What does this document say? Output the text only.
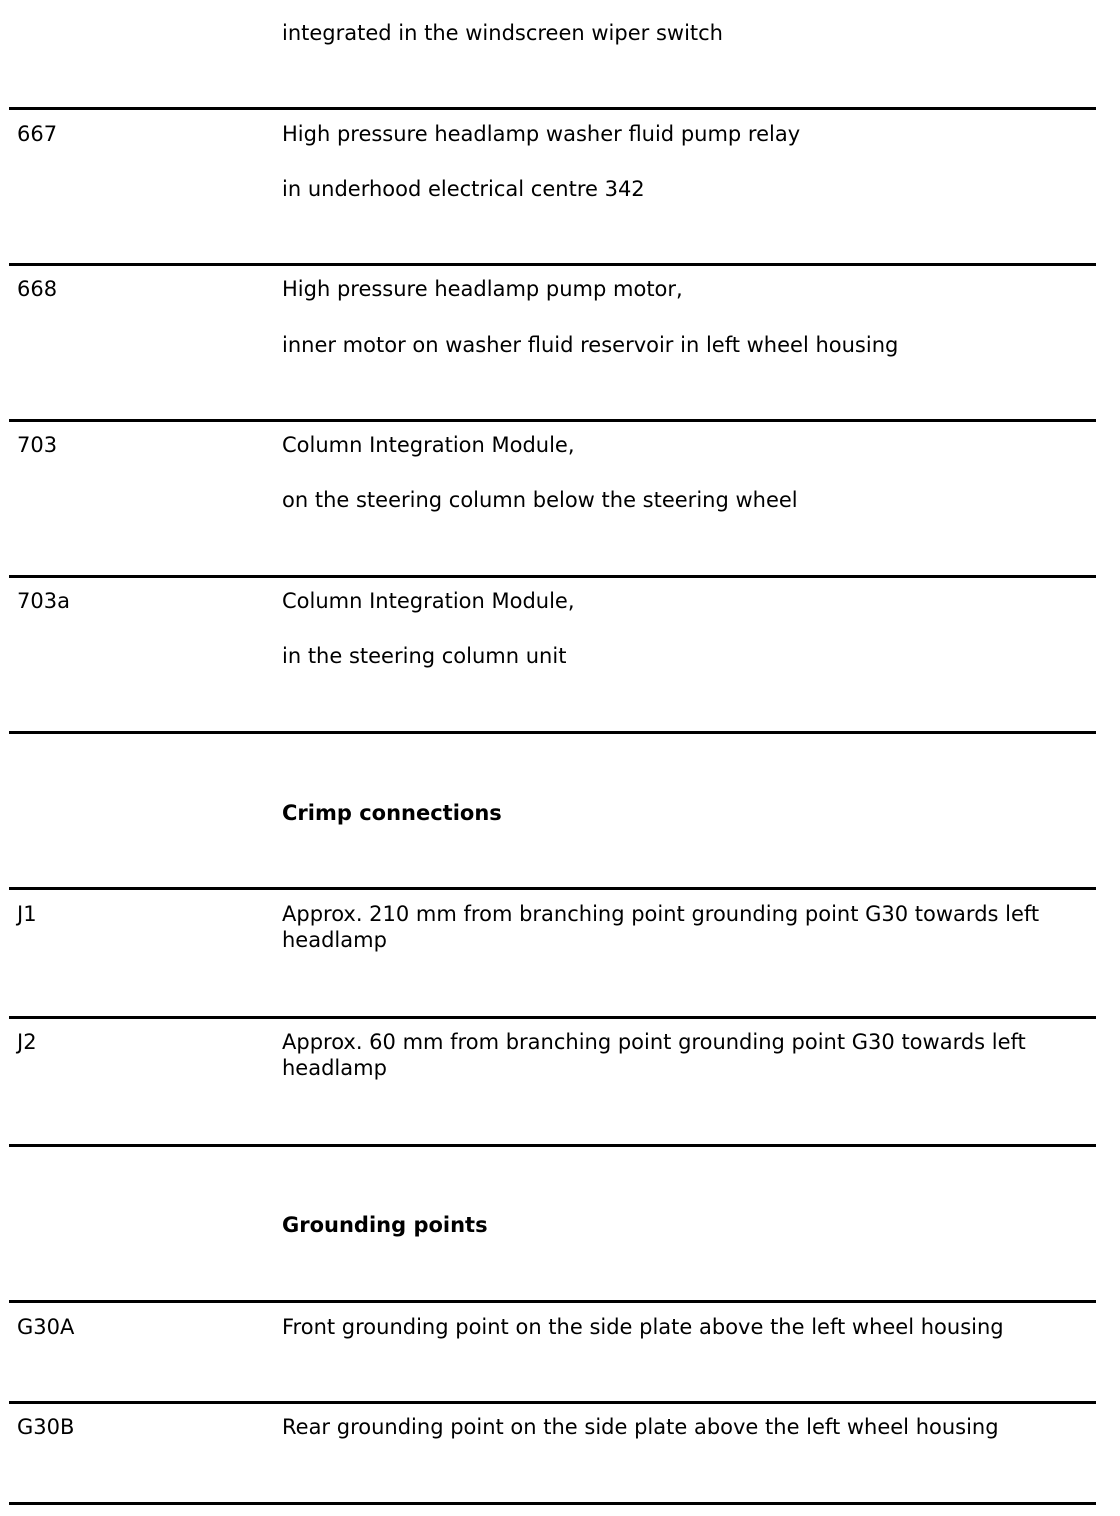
integrated in the windscreen wiper switch
667	High pressure headlamp washer fluid pump relay
in underhood electrical centre 342
668	High pressure headlamp pump motor,
inner motor on washer fluid reservoir in left wheel housing
703	Column Integration Module,
on the steering column below the steering wheel
703a	Column Integration Module,
in the steering column unit
Crimp connections
J1	Approx. 210 mm from branching point grounding point G30 towards left headlamp
J2	Approx. 60 mm from branching point grounding point G30 towards left headlamp
Grounding points
G30A	Front grounding point on the side plate above the left wheel housing
G30B	Rear grounding point on the side plate above the left wheel housing
